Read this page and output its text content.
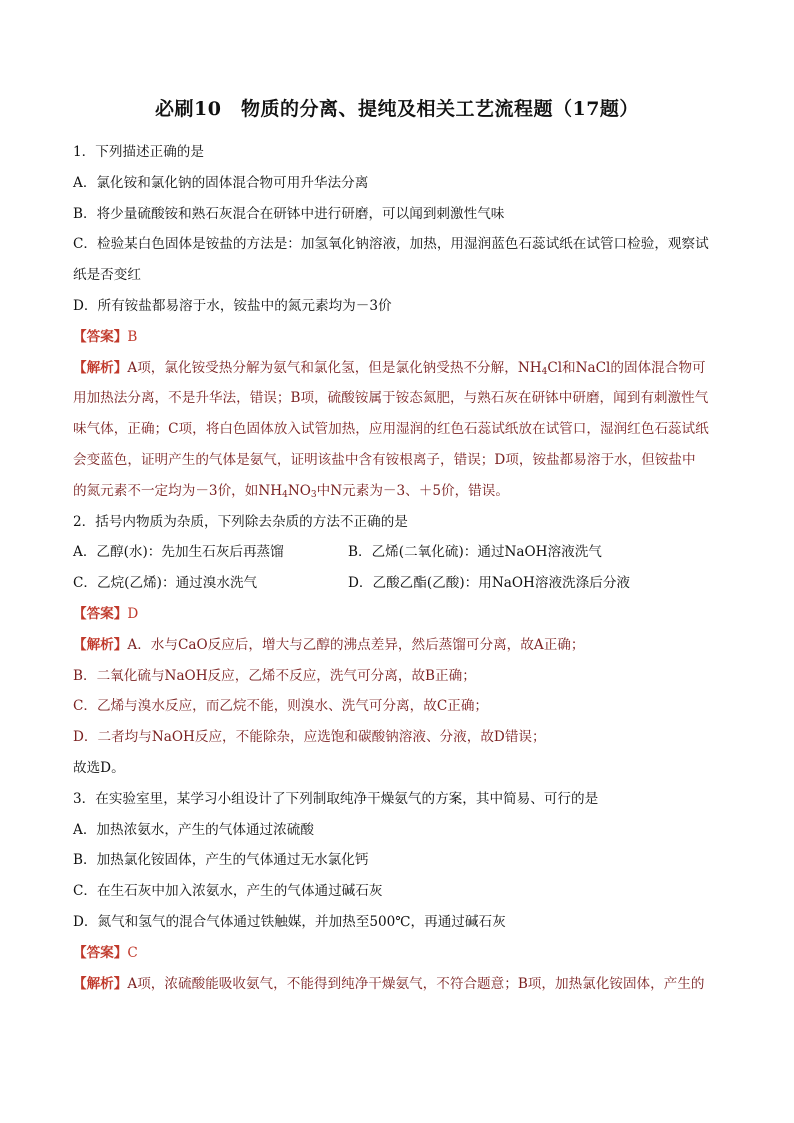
必刷10　物质的分离、提纯及相关工艺流程题（17题）
1．下列描述正确的是
A．氯化铵和氯化钠的固体混合物可用升华法分离
B．将少量硫酸铵和熟石灰混合在研钵中进行研磨，可以闻到刺激性气味
C．检验某白色固体是铵盐的方法是：加氢氧化钠溶液，加热，用湿润蓝色石蕊试纸在试管口检验，观察试
纸是否变红
D．所有铵盐都易溶于水，铵盐中的氮元素均为－3价
【答案】B
【解析】A项，氯化铵受热分解为氨气和氯化氢，但是氯化钠受热不分解，$NH_4Cl$和NaCl的固体混合物可
用加热法分离，不是升华法，错误；B项，硫酸铵属于铵态氮肥，与熟石灰在研钵中研磨，闻到有刺激性气
味气体，正确；C项，将白色固体放入试管加热，应用湿润的红色石蕊试纸放在试管口，湿润红色石蕊试纸
会变蓝色，证明产生的气体是氨气，证明该盐中含有铵根离子，错误；D项，铵盐都易溶于水，但铵盐中
的氮元素不一定均为－3价，如$NH_4NO_3$中N元素为－3、＋5价，错误。
2．括号内物质为杂质，下列除去杂质的方法不正确的是
A．乙醇(水)：先加生石灰后再蒸馏	B．乙烯(二氧化硫)：通过NaOH溶液洗气
C．乙烷(乙烯)：通过溴水洗气	D．乙酸乙酯(乙酸)：用NaOH溶液洗涤后分液
【答案】D
【解析】A．水与CaO反应后，增大与乙醇的沸点差异，然后蒸馏可分离，故A正确；
B．二氧化硫与NaOH反应，乙烯不反应，洗气可分离，故B正确；
C．乙烯与溴水反应，而乙烷不能，则溴水、洗气可分离，故C正确；
D．二者均与NaOH反应，不能除杂，应选饱和碳酸钠溶液、分液，故D错误；
故选D。
3．在实验室里，某学习小组设计了下列制取纯净干燥氨气的方案，其中简易、可行的是
A．加热浓氨水，产生的气体通过浓硫酸
B．加热氯化铵固体，产生的气体通过无水氯化钙
C．在生石灰中加入浓氨水，产生的气体通过碱石灰
D．氮气和氢气的混合气体通过铁触媒，并加热至500℃，再通过碱石灰
【答案】C
【解析】A项，浓硫酸能吸收氨气，不能得到纯净干燥氨气，不符合题意；B项，加热氯化铵固体，产生的
